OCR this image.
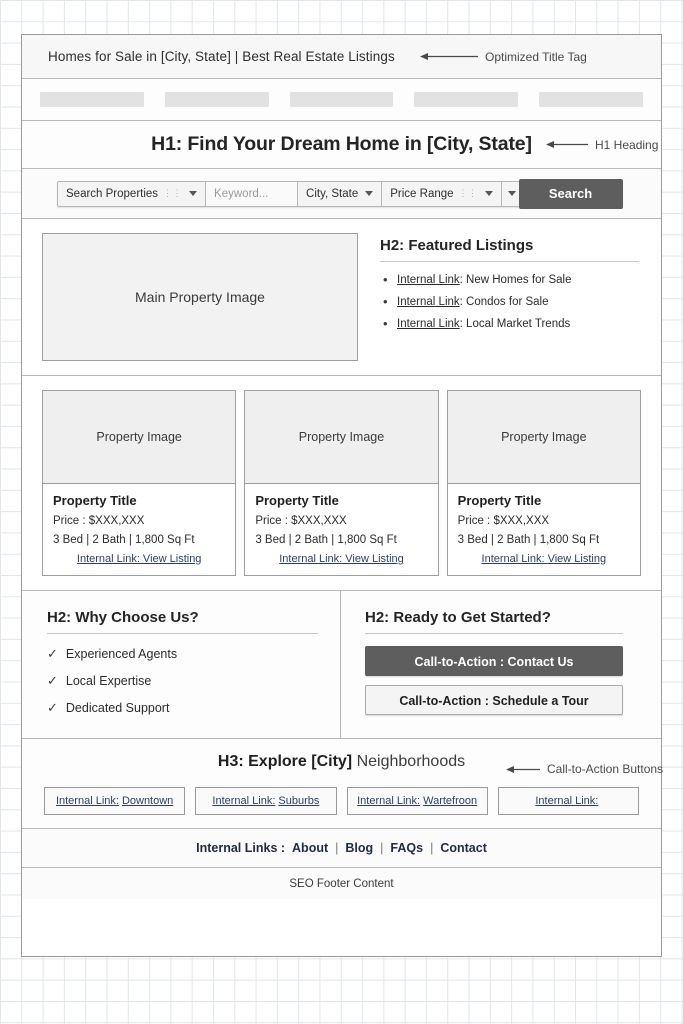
Homes for Sale in [City, State] | Best Real Estate Listings	Optimized Title Tag
H1: Find Your Dream Home in [City, State]	H1 Heading
Search Properties ⋮⋮	Keyword...	City, State	Price Range ⋮⋮	Search
Main Property Image
H2: Featured Listings
• Internal Link: New Homes for Sale
• Internal Link: Condos for Sale
• Internal Link: Local Market Trends
Property Image
Property Title
Price : $XXX,XXX
3 Bed | 2 Bath | 1,800 Sq Ft
Internal Link: View Listing
Property Image
Property Title
Price : $XXX,XXX
3 Bed | 2 Bath | 1,800 Sq Ft
Internal Link: View Listing
Property Image
Property Title
Price : $XXX,XXX
3 Bed | 2 Bath | 1,800 Sq Ft
Internal Link: View Listing
H2: Why Choose Us?
✓ Experienced Agents
✓ Local Expertise
✓ Dedicated Support
H2: Ready to Get Started?
Call-to-Action : Contact Us
Call-to-Action : Schedule a Tour
H3: Explore [City] Neighborhoods	Call-to-Action Buttons
Internal Link: Downtown	Internal Link: Suburbs	Internal Link: Wartefroon	Internal Link:
Internal Links : About | Blog | FAQs | Contact
SEO Footer Content
